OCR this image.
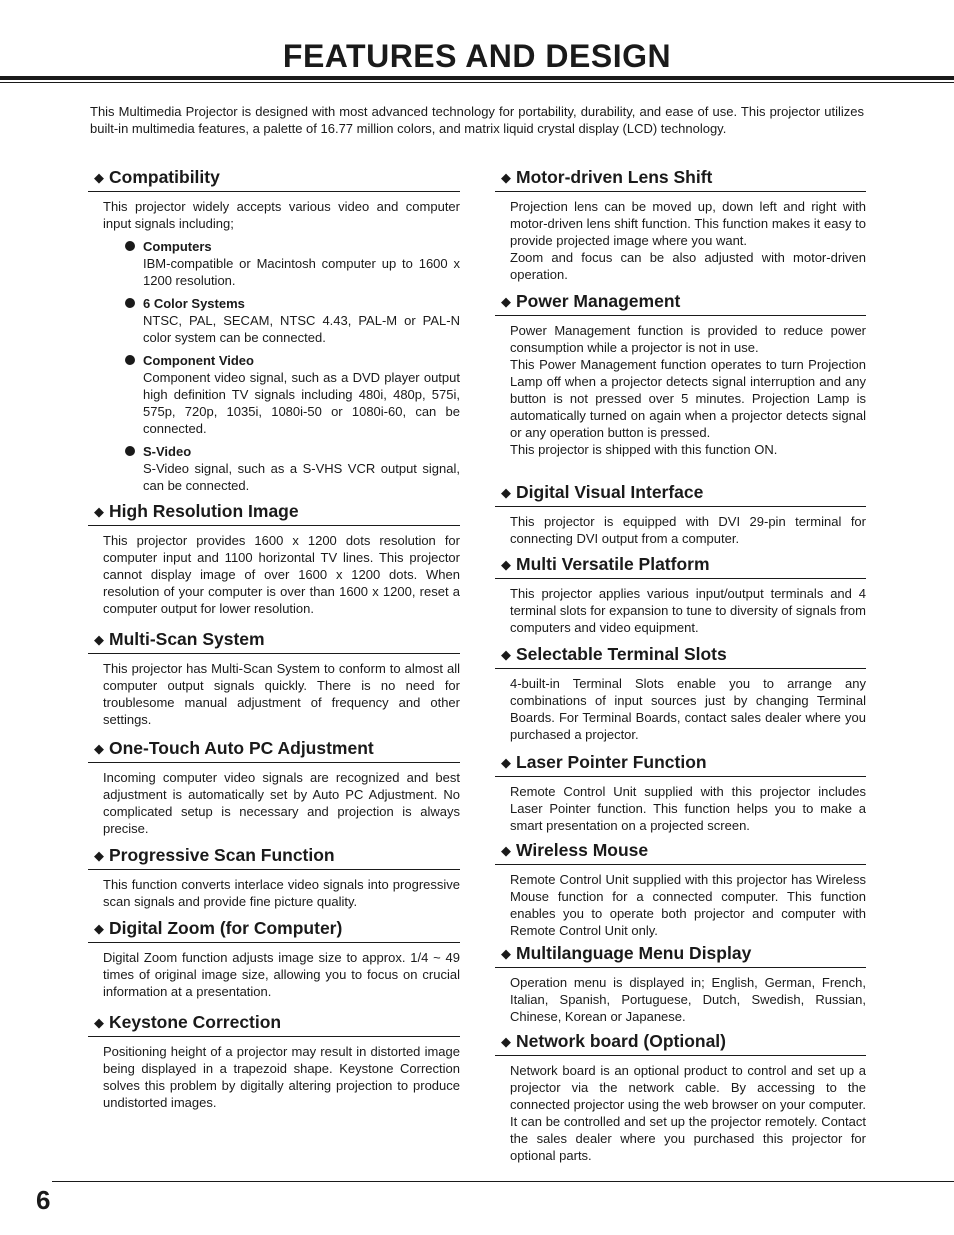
FEATURES AND DESIGN

This Multimedia Projector is designed with most advanced technology for portability, durability, and ease of use. This projector utilizes built-in multimedia features, a palette of 16.77 million colors, and matrix liquid crystal display (LCD) technology.

◆ Compatibility

This projector widely accepts various video and computer input signals including;

Computers
IBM-compatible or Macintosh computer up to 1600 x 1200 resolution.
6 Color Systems
NTSC, PAL, SECAM, NTSC 4.43, PAL-M or PAL-N color system can be connected.
Component Video
Component video signal, such as a DVD player output high definition TV signals including 480i, 480p, 575i, 575p, 720p, 1035i, 1080i-50 or 1080i-60, can be connected.
S-Video
S-Video signal, such as a S-VHS VCR output signal, can be connected.
◆ High Resolution Image

This projector provides 1600 x 1200 dots resolution for computer input and 1100 horizontal TV lines. This projector cannot display image of over 1600 x 1200 dots. When resolution of your computer is over than 1600 x 1200, reset a computer output for lower resolution.

◆ Multi-Scan System

This projector has Multi-Scan System to conform to almost all computer output signals quickly. There is no need for troublesome manual adjustment of frequency and other settings.

◆ One-Touch Auto PC Adjustment

Incoming computer video signals are recognized and best adjustment is automatically set by Auto PC Adjustment. No complicated setup is necessary and projection is always precise.

◆ Progressive Scan Function

This function converts interlace video signals into progressive scan signals and provide fine picture quality.

◆ Digital Zoom (for Computer)

Digital Zoom function adjusts image size to approx. 1/4 ~ 49 times of original image size, allowing you to focus on crucial information at a presentation.

◆ Keystone Correction

Positioning height of a projector may result in distorted image being displayed in a trapezoid shape. Keystone Correction solves this problem by digitally altering projection to produce undistorted images.

◆ Motor-driven Lens Shift

Projection lens can be moved up, down left and right with motor-driven lens shift function. This function makes it easy to provide projected image where you want.

Zoom and focus can be also adjusted with motor-driven operation.

◆ Power Management

Power Management function is provided to reduce power consumption while a projector is not in use.

This Power Management function operates to turn Projection Lamp off when a projector detects signal interruption and any button is not pressed over 5 minutes. Projection Lamp is automatically turned on again when a projector detects signal or any operation button is pressed.

This projector is shipped with this function ON.

◆ Digital Visual Interface

This projector is equipped with DVI 29-pin terminal for connecting DVI output from a computer.

◆ Multi Versatile Platform

This projector applies various input/output terminals and 4 terminal slots for expansion to tune to diversity of signals from computers and video equipment.

◆ Selectable Terminal Slots

4-built-in Terminal Slots enable you to arrange any combinations of input sources just by changing Terminal Boards. For Terminal Boards, contact sales dealer where you purchased a projector.

◆ Laser Pointer Function

Remote Control Unit supplied with this projector includes Laser Pointer function. This function helps you to make a smart presentation on a projected screen.

◆ Wireless Mouse

Remote Control Unit supplied with this projector has Wireless Mouse function for a connected computer. This function enables you to operate both projector and computer with Remote Control Unit only.

◆ Multilanguage Menu Display

Operation menu is displayed in; English, German, French, Italian, Spanish, Portuguese, Dutch, Swedish, Russian, Chinese, Korean or Japanese.

◆ Network board (Optional)

Network board is an optional product to control and set up a projector via the network cable. By accessing to the connected projector using the web browser on your computer. It can be controlled and set up the projector remotely. Contact the sales dealer where you purchased this projector for optional parts.

6
